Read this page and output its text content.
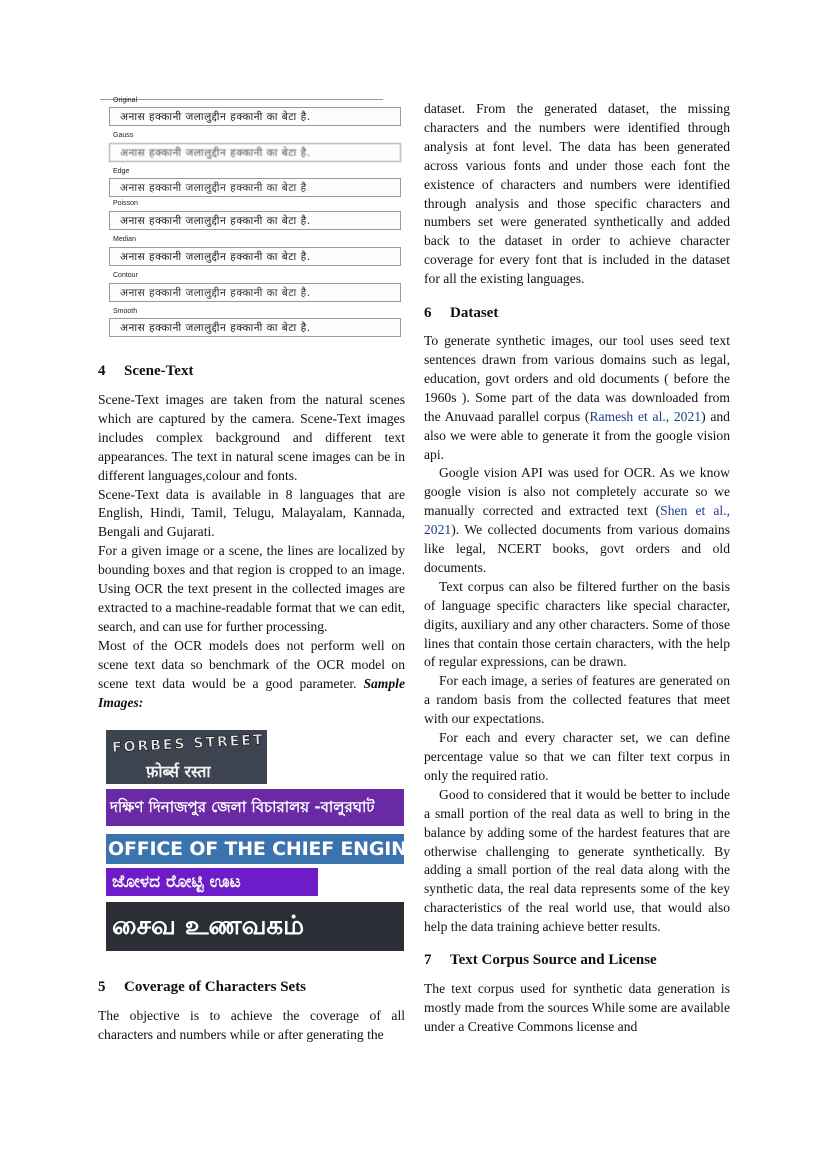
Original
अनास हक्कानी जलालुद्दीन हक्कानी का बेटा है.
Gauss
अनास हक्कानी जलालुद्दीन हक्कानी का बेटा है.
Edge
अनास हक्कानी जलालुद्दीन हक्कानी का बेटा है.
Poisson
अनास हक्कानी जलालुद्दीन हक्कानी का बेटा है.
Median
अनास हक्कानी जलालुद्दीन हक्कानी का बेटा है.
Contour
अनास हक्कानी जलालुद्दीन हक्कानी का बेटा है.
Smooth
अनास हक्कानी जलालुद्दीन हक्कानी का बेटा है.
4 Scene-Text

Scene-Text images are taken from the natural scenes which are captured by the camera. Scene-Text images includes complex background and different text appearances. The text in natural scene images can be in different languages,colour and fonts.

Scene-Text data is available in 8 languages that are English, Hindi, Tamil, Telugu, Malayalam, Kannada, Bengali and Gujarati.

For a given image or a scene, the lines are localized by bounding boxes and that region is cropped to an image. Using OCR the text present in the collected images are extracted to a machine-readable format that we can edit, search, and can use for further processing.

Most of the OCR models does not perform well on scene text data so benchmark of the OCR model on scene text data would be a good parameter. Sample Images:

FORBES STREET
फ़ोर्ब्स रस्ता
দক্ষিণ দিনাজপুর জেলা বিচারালয় -বালুরঘাট
OFFICE OF THE CHIEF ENGINEER
ಜೋಳದ ರೋಟ್ಟಿ ಊಟ
சைவ உணவகம்
5 Coverage of Characters Sets

The objective is to achieve the coverage of all characters and numbers while or after generating the

dataset. From the generated dataset, the missing characters and the numbers were identified through analysis at font level. The data has been generated across various fonts and under those each font the existence of characters and numbers were identified through analysis and those specific characters and numbers set were generated synthetically and added back to the dataset in order to achieve character coverage for every font that is included in the dataset for all the existing languages.

6 Dataset

To generate synthetic images, our tool uses seed text sentences drawn from various domains such as legal, education, govt orders and old documents ( before the 1960s ). Some part of the data was downloaded from the Anuvaad parallel corpus (Ramesh et al., 2021) and also we were able to generate it from the google vision api.

Google vision API was used for OCR. As we know google vision is also not completely accurate so we manually corrected and extracted text (Shen et al., 2021). We collected documents from various domains like legal, NCERT books, govt orders and old documents.

Text corpus can also be filtered further on the basis of language specific characters like special character, digits, auxiliary and any other characters. Some of those lines that contain those certain characters, with the help of regular expressions, can be drawn.

For each image, a series of features are generated on a random basis from the collected features that meet with our expectations.

For each and every character set, we can define percentage value so that we can filter text corpus in only the required ratio.

Good to considered that it would be better to include a small portion of the real data as well to bring in the balance by adding some of the hardest features that are otherwise challenging to generate synthetically. By adding a small portion of the real data along with the synthetic data, the real data represents some of the key characteristics of the real world use, that would also help the data training achieve better results.

7 Text Corpus Source and License

The text corpus used for synthetic data generation is mostly made from the sources While some are available under a Creative Commons license and
